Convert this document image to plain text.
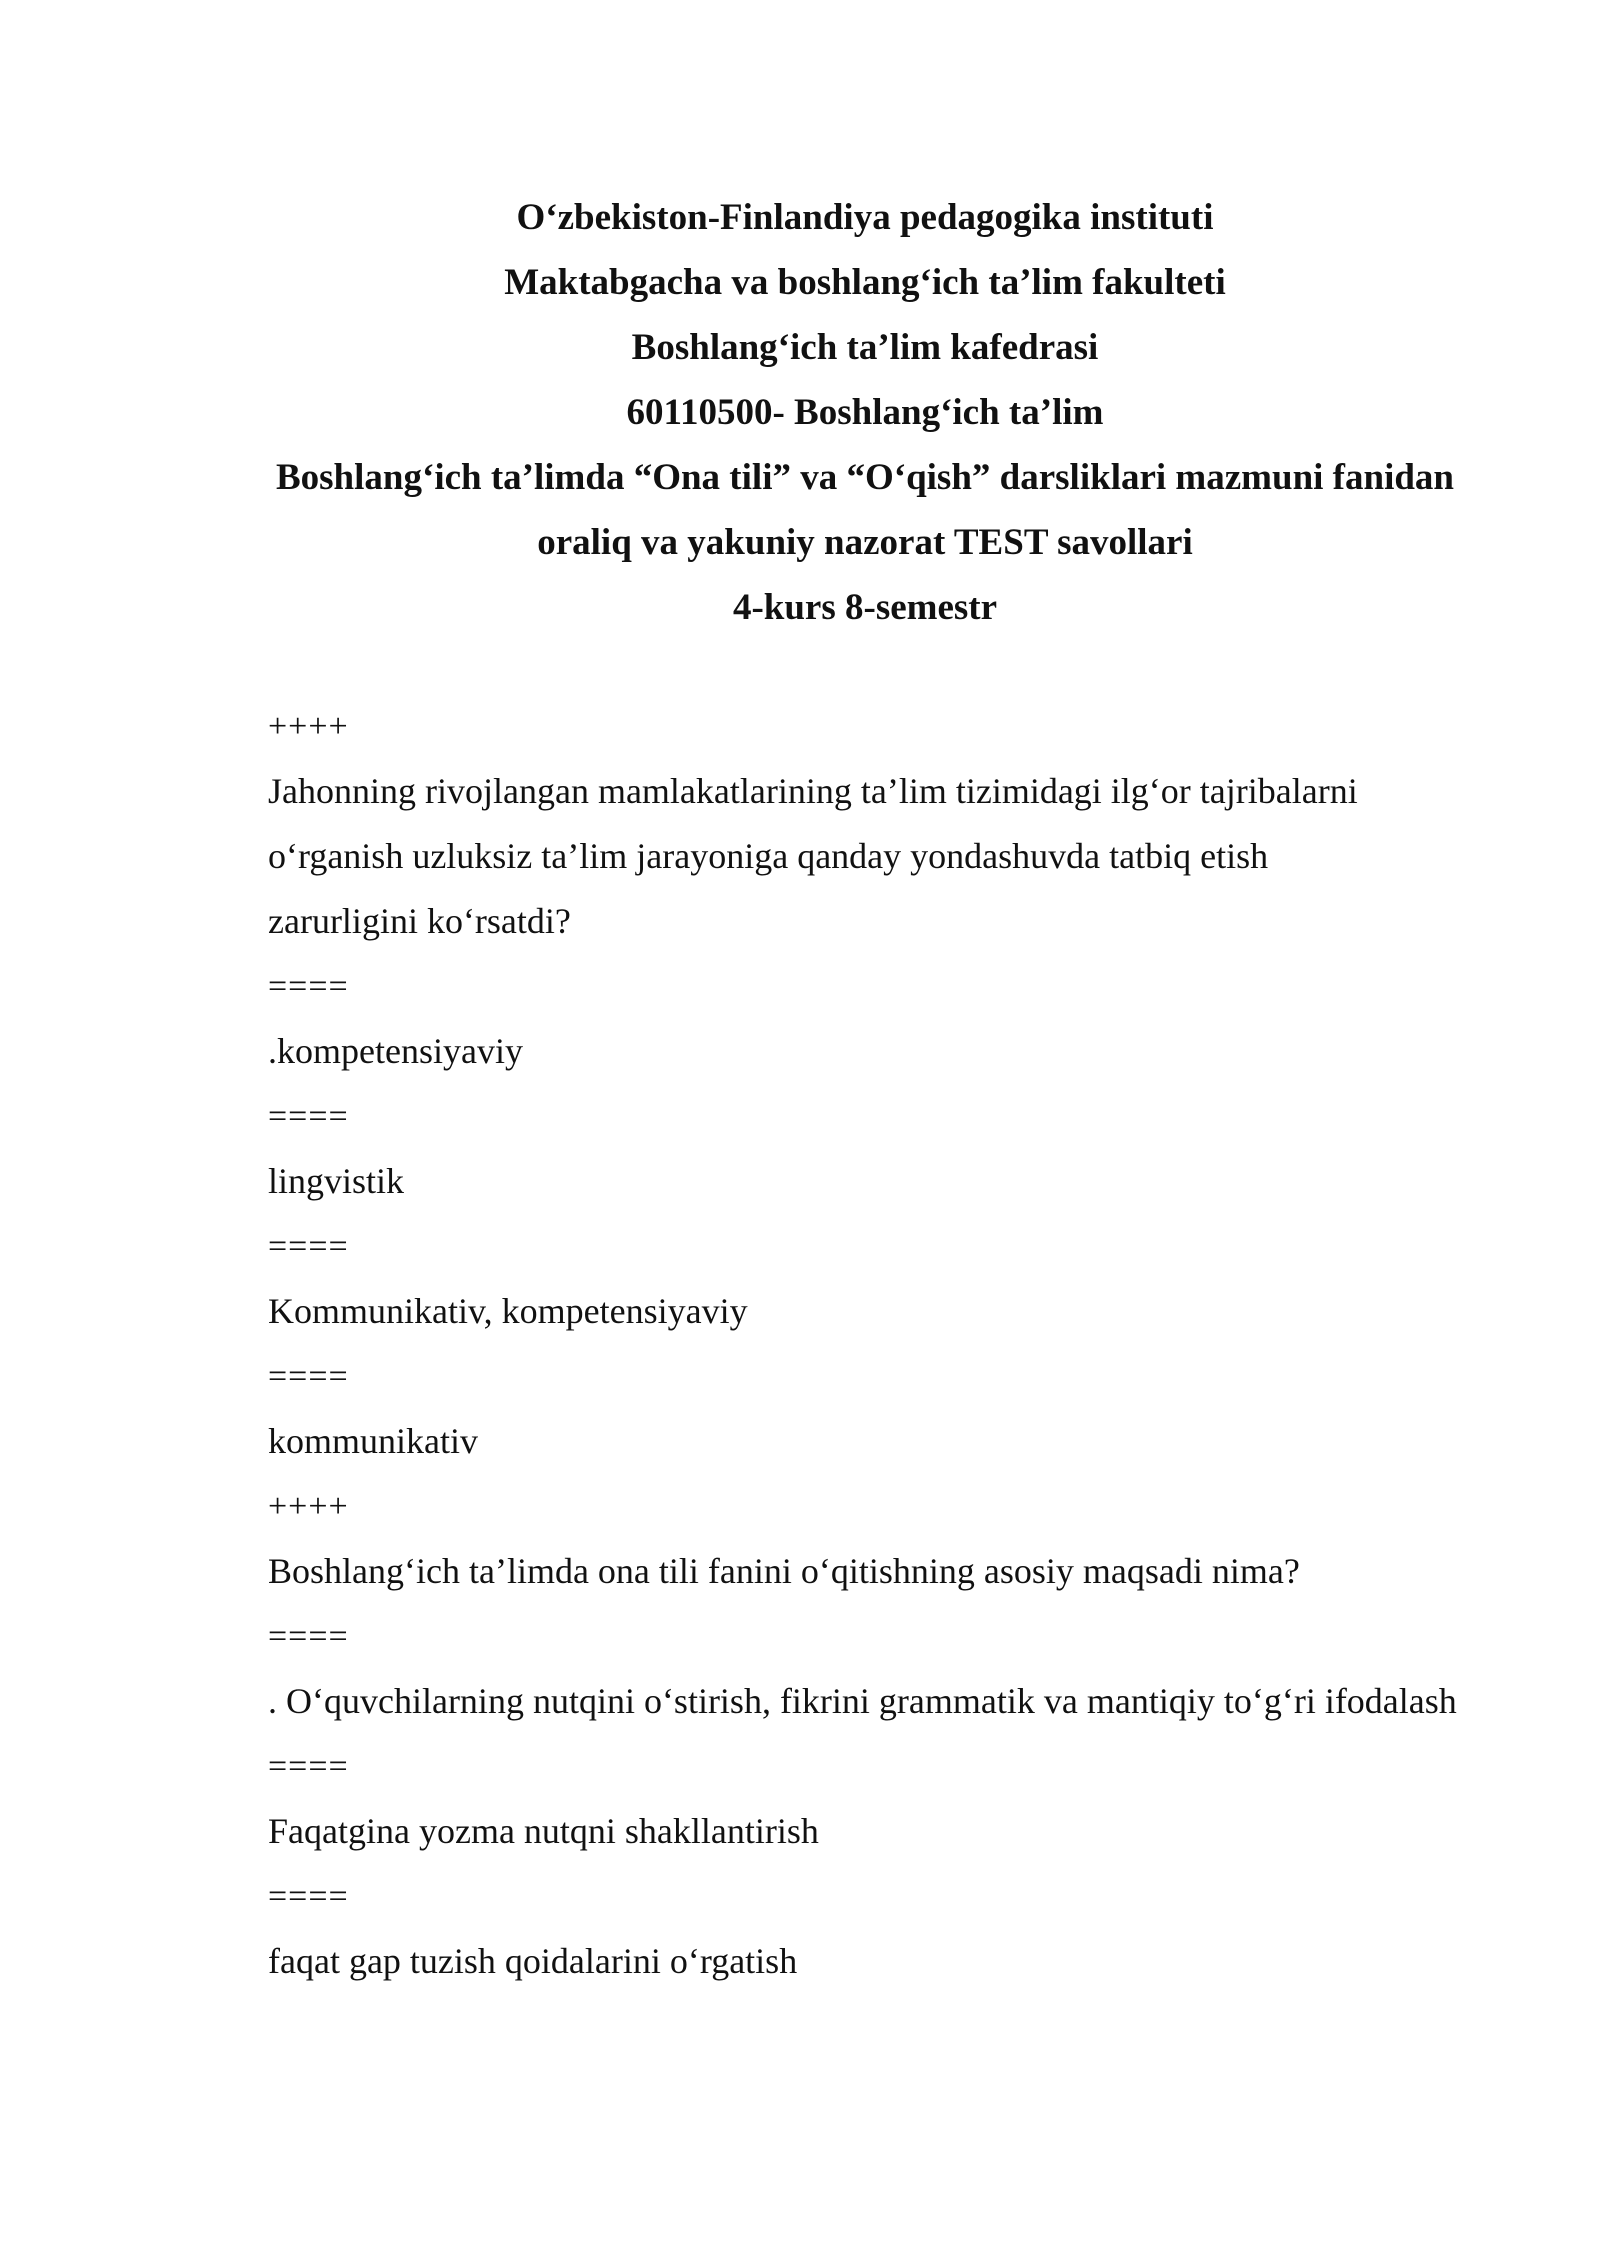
O‘zbekiston-Finlandiya pedagogika instituti
Maktabgacha va boshlang‘ich ta’lim fakulteti
Boshlang‘ich ta’lim kafedrasi
60110500- Boshlang‘ich ta’lim
Boshlang‘ich ta’limda “Ona tili” va “O‘qish” darsliklari mazmuni fanidan
oraliq va yakuniy nazorat TEST savollari
4-kurs 8-semestr
++++
Jahonning rivojlangan mamlakatlarining ta’lim tizimidagi ilg‘or tajribalarni
o‘rganish uzluksiz ta’lim jarayoniga qanday yondashuvda tatbiq etish
zarurligini ko‘rsatdi?
====
.kompetensiyaviy
====
lingvistik
====
Kommunikativ, kompetensiyaviy
====
kommunikativ
++++
Boshlang‘ich ta’limda ona tili fanini o‘qitishning asosiy maqsadi nima?
====
. O‘quvchilarning nutqini o‘stirish, fikrini grammatik va mantiqiy to‘g‘ri ifodalash
====
Faqatgina yozma nutqni shakllantirish
====
faqat gap tuzish qoidalarini o‘rgatish
